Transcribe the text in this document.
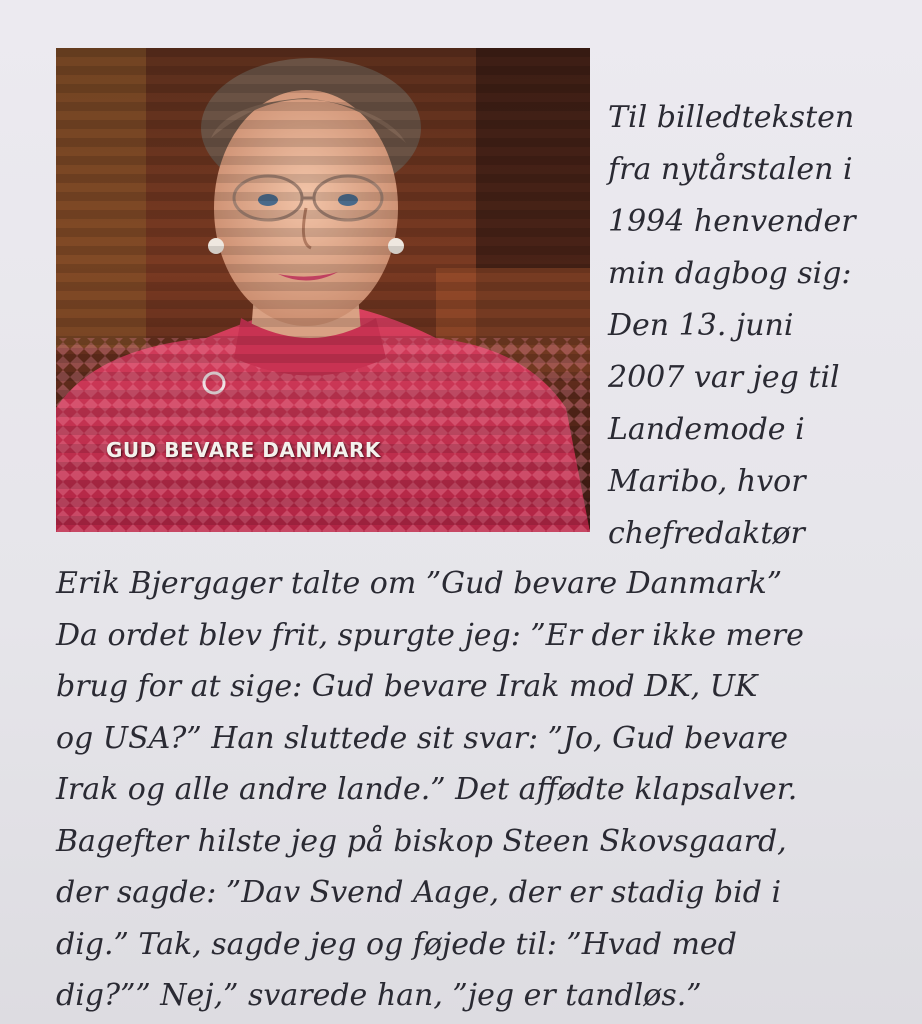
GUD BEVARE DANMARK
Til billedteksten
fra nytårstalen i
1994 henvender
min dagbog sig:
Den 13. juni
2007 var jeg til
Landemode i
Maribo, hvor
chefredaktør
Erik Bjergager talte om ”Gud bevare Danmark”
Da ordet blev frit, spurgte jeg: ”Er der ikke mere
brug for at sige: Gud bevare Irak mod DK, UK
og USA?” Han sluttede sit svar: ”Jo, Gud bevare
Irak og alle andre lande.” Det affødte klapsalver.
Bagefter hilste jeg på biskop Steen Skovsgaard,
der sagde: ”Dav Svend Aage, der er stadig bid i
dig.” Tak, sagde jeg og føjede til: ”Hvad med
dig?”” Nej,” svarede han, ”jeg er tandløs.”
